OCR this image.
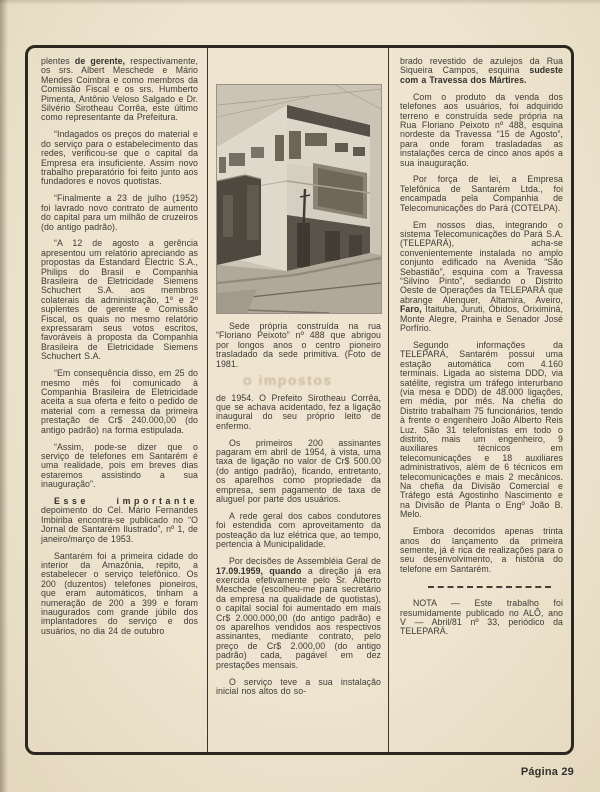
plentes de gerente, respectivamente, os srs. Albert Meschede e Mário Mendes Coimbra e como membros da Comissão Fiscal e os srs. Humberto Pimenta, Antônio Veloso Salgado e Dr. Silvério Sirotheau Corrêa, este último como representante da Prefeitura.

“Indagados os preços do material e do serviço para o estabelecimento das redes, verificou-se que o capital da Empresa era insuficiente. Assim novo trabalho preparatório foi feito junto aos fundadores e novos quotistas.

“Finalmente a 23 de julho (1952) foi lavrado novo contrato de aumento do capital para um milhão de cruzeiros (do antigo padrão).

“A 12 de agosto a gerência apresentou um relatório apreciando as propostas da Estandard Electric S.A., Philips do Brasil e Companhia Brasileira de Eletricidade Siemens Schuchert S.A. aos membros colaterais da administração, 1º e 2º suplentes de gerente e Comissão Fiscal, os quais no mesmo relatório expressaram seus votos escritos, favoráveis à proposta da Companhia Brasileira de Eletricidade Siemens Schuchert S.A.

“Em consequência disso, em 25 do mesmo mês foi comunicado à Companhia Brasileira de Eletricidade aceita a sua oferta e feito o pedido de material com a remessa da primeira prestação de Cr$ 240.000,00 (do antigo padrão) na forma estipulada.

“Assim, pode-se dizer que o serviço de telefones em Santarém é uma realidade, pois em breves dias estaremos assistindo a sua inauguração”.

Esse importante depoimento do Cel. Mário Fernandes Imbiriba encontra-se publicado no “O Jornal de Santarém Ilustrado”, nº 1, de janeiro/março de 1953.

Santarém foi a primeira cidade do interior da Amazônia, repito, a estabelecer o serviço telefônico. Os 200 (duzentos) telefones pioneiros, que eram automáticos, tinham a numeração de 200 a 399 e foram inaugurados com grande júbilo dos implantadores do serviço e dos usuários, no dia 24 de outubro

Sede própria construída na rua “Floriano Peixoto” nº 488 que abrigou por longos anos o centro pioneiro trasladado da sede primitiva. (Foto de 1981.

de 1954. O Prefeito Sirotheau Corrêa, que se achava acidentado, fez a ligação inaugural do seu próprio leito de enfermo.

Os primeiros 200 assinantes pagaram em abril de 1954, à vista, uma taxa de ligação no valor de Cr$ 500.00 (do antigo padrão), ficando, entretanto, os aparelhos como propriedade da empresa, sem pagamento de taxa de aluguel por parte dos usuários.

A rede geral dos cabos condutores foi estendida com aproveitamento da posteação da luz elétrica que, ao tempo, pertencia à Municipalidade.

Por decisões de Assembléia Geral de 17.09.1959, quando a direção já era exercida efetivamente pelo Sr. Alberto Meschede (escolheu-me para secretário da empresa na qualidade de quotistas), o capital social foi aumentado em mais Cr$ 2.000.000,00 (do antigo padrão) e os aparelhos vendidos aos respectivos assinantes, mediante contrato, pelo preço de Cr$ 2.000,00 (do antigo padrão) cada, pagável em dez prestações mensais.

O serviço teve a sua instalação inicial nos altos do so-

brado revestido de azulejos da Rua Siqueira Campos, esquina sudeste com a Travessa dos Mártires.

Com o produto da venda dos telefones aos usuários, foi adquirido terreno e construída sede própria na Rua Floriano Peixoto nº 488, esquina nordeste da Travessa “15 de Agosto”, para onde foram trasladadas as instalações cerca de cinco anos após a sua inauguração.

Por força de lei, a Empresa Telefônica de Santarém Ltda., foi encampada pela Companhia de Telecomunicações do Pará (COTELPA).

Em nossos dias, integrando o sistema Telecomunicações do Pará S.A. (TELEPARÁ), acha-se convenientemente instalada no amplo conjunto edificado na Avenida “São Sebastião”, esquina com a Travessa “Silvino Pinto”, sediando o Distrito Oeste de Operações da TELEPARÁ que abrange Alenquer, Altamira, Aveiro, Faro, Itaituba, Juruti, Óbidos, Oriximiná, Monte Alegre, Prainha e Senador José Porfírio.

Segundo informações da TELEPARÁ, Santarém possui uma estação automática com 4.160 terminais. Ligada ao sistema DDD, via satélite, registra um tráfego interurbano (via mesa e DDD) de 48.000 ligações, em média, por mês. Na chefia do Distrito trabalham 75 funcionários, tendo à frente o engenheiro João Alberto Reis Luz. São 31 telefonistas em todo o distrito, mais um engenheiro, 9 auxiliares técnicos em telecomunicações e 18 auxiliares administrativos, além de 6 técnicos em telecomunicações e mais 2 mecânicos. Na chefia da Divisão Comercial e Tráfego está Agostinho Nascimento e na Divisão de Planta o Engº João B. Melo.

Embora decorridos apenas trinta anos do lançamento da primeira semente, já é rica de realizações para o seu desenvolvimento, a história do telefone em Santarém.

NOTA — Este trabalho foi resumidamente publicado no ALÔ, ano V — Abril/81 nº 33, periódico da TELEPARÁ.

o impostos
Página 29
